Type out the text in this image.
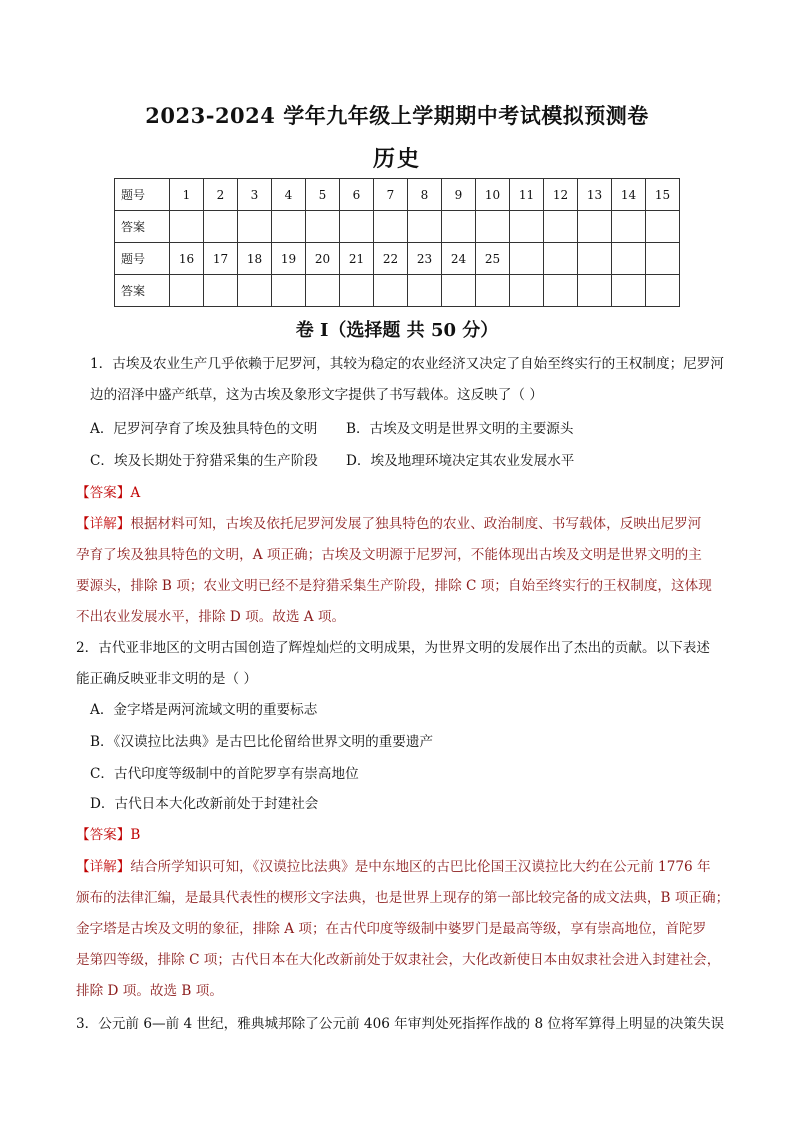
2023-2024 学年九年级上学期期中考试模拟预测卷
历史
题号	1	2	3	4	5	6	7	8	9	10	11	12	13	14	15
答案															
题号	16	17	18	19	20	21	22	23	24	25					
答案															
卷 I（选择题 共 50 分）
1．古埃及农业生产几乎依赖于尼罗河，其较为稳定的农业经济又决定了自始至终实行的王权制度；尼罗河
边的沼泽中盛产纸草，这为古埃及象形文字提供了书写载体。这反映了（ ）
A．尼罗河孕育了埃及独具特色的文明 B．古埃及文明是世界文明的主要源头
C．埃及长期处于狩猎采集的生产阶段 D．埃及地理环境决定其农业发展水平
【答案】A
【详解】根据材料可知，古埃及依托尼罗河发展了独具特色的农业、政治制度、书写载体，反映出尼罗河
孕育了埃及独具特色的文明，A 项正确；古埃及文明源于尼罗河，不能体现出古埃及文明是世界文明的主
要源头，排除 B 项；农业文明已经不是狩猎采集生产阶段，排除 C 项；自始至终实行的王权制度，这体现
不出农业发展水平，排除 D 项。故选 A 项。
2．古代亚非地区的文明古国创造了辉煌灿烂的文明成果，为世界文明的发展作出了杰出的贡献。以下表述
能正确反映亚非文明的是（ ）
A．金字塔是两河流域文明的重要标志
B．《汉谟拉比法典》是古巴比伦留给世界文明的重要遗产
C．古代印度等级制中的首陀罗享有崇高地位
D．古代日本大化改新前处于封建社会
【答案】B
【详解】结合所学知识可知，《汉谟拉比法典》是中东地区的古巴比伦国王汉谟拉比大约在公元前 1776 年
颁布的法律汇编，是最具代表性的楔形文字法典，也是世界上现存的第一部比较完备的成文法典，B 项正确；
金字塔是古埃及文明的象征，排除 A 项；在古代印度等级制中婆罗门是最高等级，享有崇高地位，首陀罗
是第四等级，排除 C 项；古代日本在大化改新前处于奴隶社会，大化改新使日本由奴隶社会进入封建社会，
排除 D 项。故选 B 项。
3．公元前 6—前 4 世纪，雅典城邦除了公元前 406 年审判处死指挥作战的 8 位将军算得上明显的决策失误
